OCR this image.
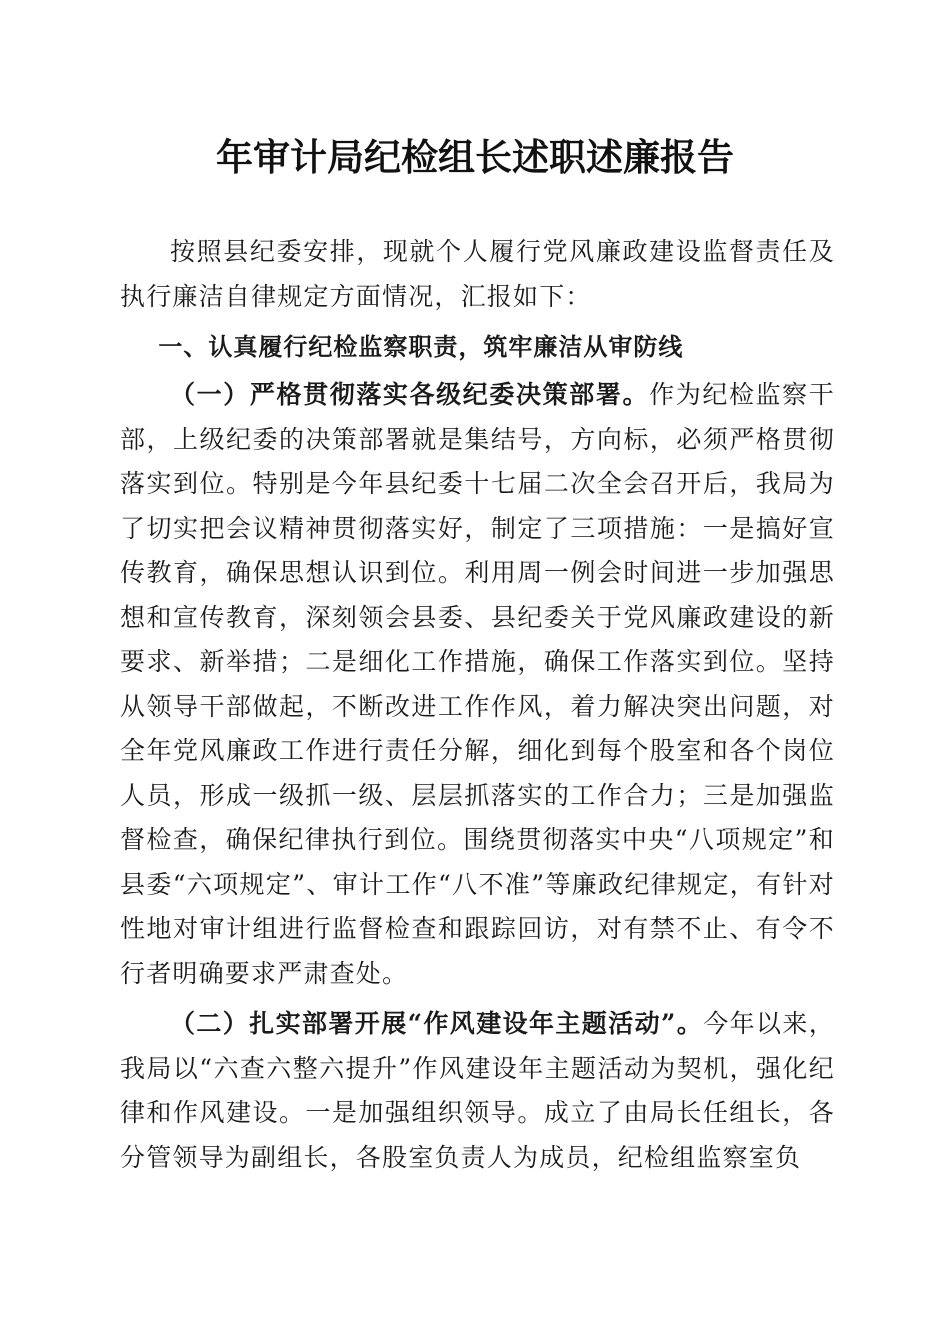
年审计局纪检组长述职述廉报告

按照县纪委安排，现就个人履行党风廉政建设监督责任及执行廉洁自律规定方面情况，汇报如下：

一、认真履行纪检监察职责，筑牢廉洁从审防线

（一）严格贯彻落实各级纪委决策部署。作为纪检监察干部，上级纪委的决策部署就是集结号，方向标，必须严格贯彻落实到位。特别是今年县纪委十七届二次全会召开后，我局为了切实把会议精神贯彻落实好，制定了三项措施：一是搞好宣传教育，确保思想认识到位。利用周一例会时间进一步加强思想和宣传教育，深刻领会县委、县纪委关于党风廉政建设的新要求、新举措；二是细化工作措施，确保工作落实到位。坚持从领导干部做起，不断改进工作作风，着力解决突出问题，对全年党风廉政工作进行责任分解，细化到每个股室和各个岗位人员，形成一级抓一级、层层抓落实的工作合力；三是加强监督检查，确保纪律执行到位。围绕贯彻落实中央“八项规定”和县委“六项规定”、审计工作“八不准”等廉政纪律规定，有针对性地对审计组进行监督检查和跟踪回访，对有禁不止、有令不行者明确要求严肃查处。

（二）扎实部署开展“作风建设年主题活动”。今年以来，我局以“六查六整六提升”作风建设年主题活动为契机，强化纪律和作风建设。一是加强组织领导。成立了由局长任组长，各分管领导为副组长，各股室负责人为成员，纪检组监察室负
